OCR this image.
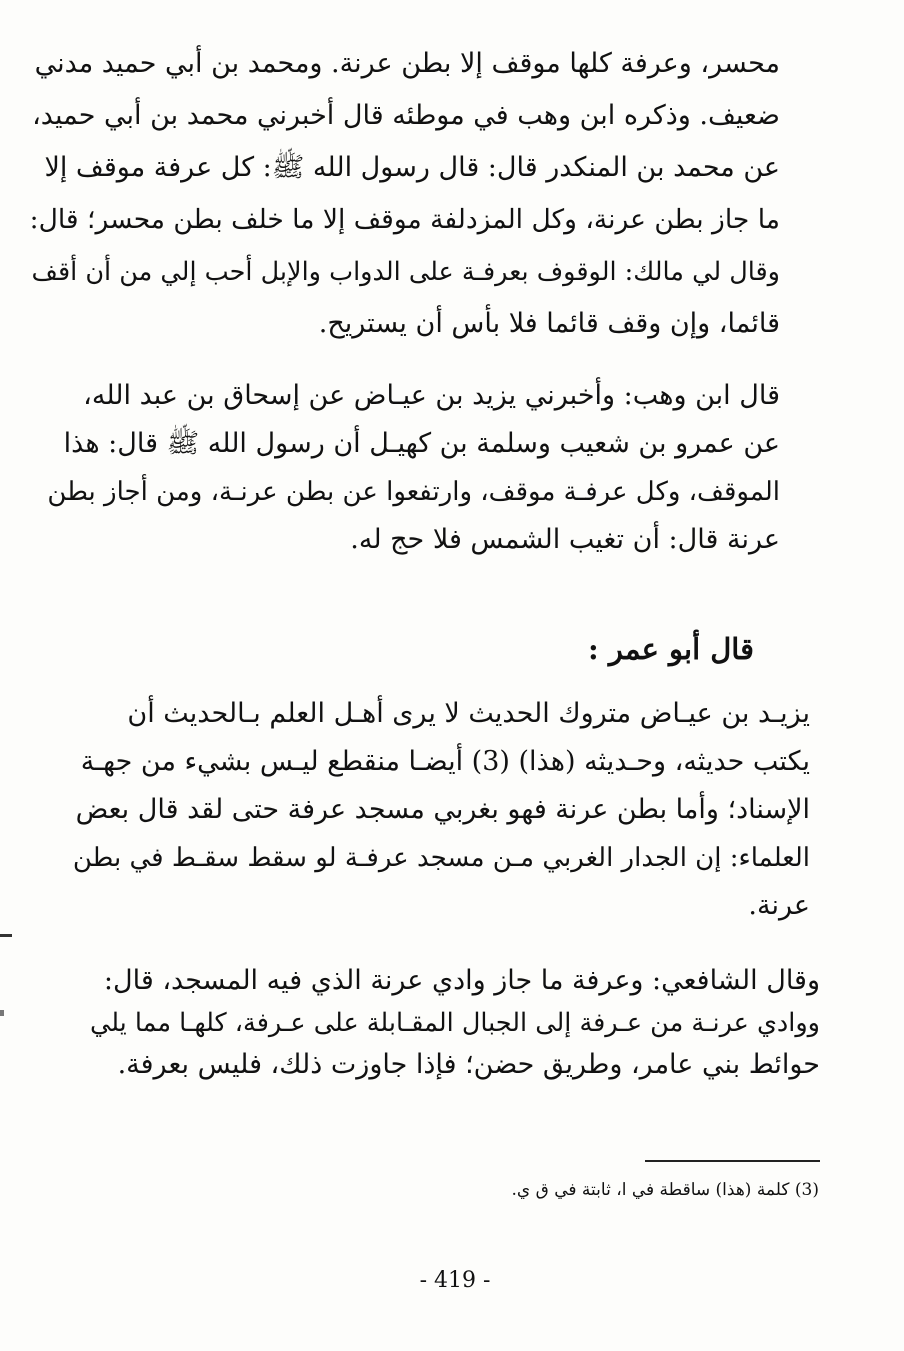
محسر، وعرفة كلها موقف إلا بطن عرنة. ومحمد بن أبي حميد مدني
ضعيف. وذكره ابن وهب في موطئه قال أخبرني محمد بن أبي حميد،
عن محمد بن المنكدر قال: قال رسول الله ﷺ: كل عرفة موقف إلا
ما جاز بطن عرنة، وكل المزدلفة موقف إلا ما خلف بطن محسر؛ قال:
وقال لي مالك: الوقوف بعرفـة على الدواب والإبل أحب إلي من أن أقف
قائما، وإن وقف قائما فلا بأس أن يستريح.
قال ابن وهب: وأخبرني يزيد بن عيـاض عن إسحاق بن عبد الله،
عن عمرو بن شعيب وسلمة بن كهيـل أن رسول الله ﷺ قال: هذا
الموقف، وكل عرفـة موقف، وارتفعوا عن بطن عرنـة، ومن أجاز بطن
عرنة قال: أن تغيب الشمس فلا حج له.
قال أبو عمر :
يزيـد بن عيـاض متروك الحديث لا يرى أهـل العلم بـالحديث أن
يكتب حديثه، وحـديثه (هذا) (3) أيضـا منقطع ليـس بشيء من جهـة
الإسناد؛ وأما بطن عرنة فهو بغربي مسجد عرفة حتى لقد قال بعض
العلماء: إن الجدار الغربي مـن مسجد عرفـة لو سقط سقـط في بطن
عرنة.
وقال الشافعي: وعرفة ما جاز وادي عرنة الذي فيه المسجد، قال:
ووادي عرنـة من عـرفة إلى الجبال المقـابلة على عـرفة، كلهـا مما يلي
حوائط بني عامر، وطريق حضن؛ فإذا جاوزت ذلك، فليس بعرفة.
(3) كلمة (هذا) ساقطة في ا، ثابتة في ق ي.
- 419 -
